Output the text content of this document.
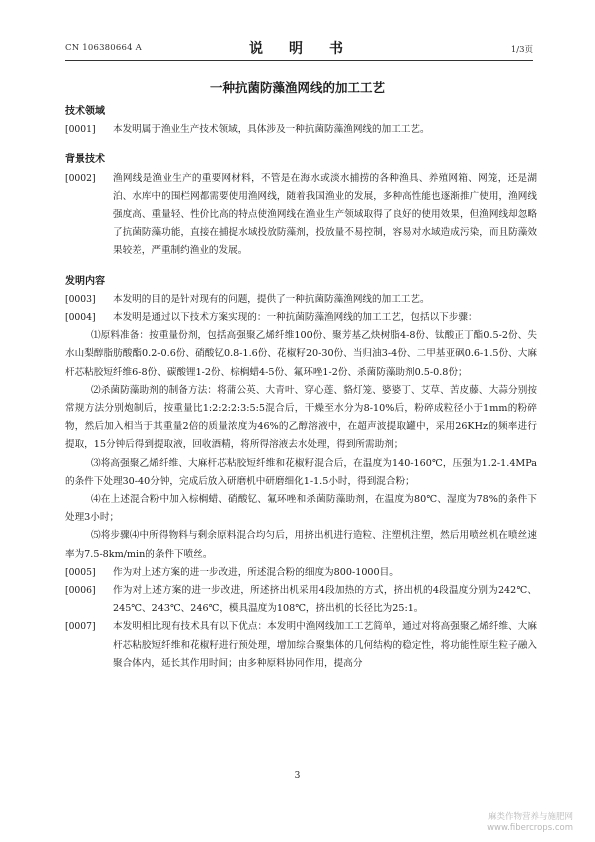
CN 106380664 A	说　明　书	1/3页
一种抗菌防藻渔网线的加工工艺
技术领域
[0001]	本发明属于渔业生产技术领域，具体涉及一种抗菌防藻渔网线的加工工艺。
背景技术
[0002]	渔网线是渔业生产的重要网材料，不管是在海水或淡水捕捞的各种渔具、养殖网箱、网笼，还是湖泊、水库中的围栏网都需要使用渔网线，随着我国渔业的发展，多种高性能也逐渐推广使用，渔网线强度高、重量轻、性价比高的特点使渔网线在渔业生产领域取得了良好的使用效果，但渔网线却忽略了抗菌防藻功能，直接在捕捉水域投放防藻剂，投放量不易控制，容易对水域造成污染，而且防藻效果较差，严重制约渔业的发展。
发明内容
[0003]	本发明的目的是针对现有的问题，提供了一种抗菌防藻渔网线的加工工艺。
[0004]	本发明是通过以下技术方案实现的：一种抗菌防藻渔网线的加工工艺，包括以下步骤：
⑴原料准备：按重量份剂，包括高强聚乙烯纤维100份、聚芳基乙炔树脂4-8份、钛酸正丁酯0.5-2份、失水山梨醇脂肪酸酯0.2-0.6份、硝酸钇0.8-1.6份、花椒籽20-30份、当归油3-4份、二甲基亚砜0.6-1.5份、大麻杆芯粘胶短纤维6-8份、碳酸锂1-2份、棕榈蜡4-5份、氟环唑1-2份、杀菌防藻助剂0.5-0.8份；
⑵杀菌防藻助剂的制备方法：将蒲公英、大青叶、穿心莲、貉灯笼、婆婆丁、艾草、苦皮藤、大蒜分别按常规方法分别炮制后，按重量比1:2:2:2:3:5:5混合后，干燥至水分为8-10%后，粉碎成粒径小于1mm的粉碎物，然后加入相当于其重量2倍的质量浓度为46%的乙醇溶液中，在超声波提取罐中，采用26KHz的频率进行提取，15分钟后得到提取液，回收酒精，将所得溶液去水处理，得到所需助剂；
⑶将高强聚乙烯纤维、大麻杆芯粘胶短纤维和花椒籽混合后，在温度为140-160℃，压强为1.2-1.4MPa的条件下处理30-40分钟，完成后放入研磨机中研磨细化1-1.5小时，得到混合粉；
⑷在上述混合粉中加入棕榈蜡、硝酸钇、氟环唑和杀菌防藻助剂，在温度为80℃、湿度为78%的条件下处理3小时；
⑸将步骤⑷中所得物料与剩余原料混合均匀后，用挤出机进行造粒、注塑机注塑，然后用喷丝机在喷丝速率为7.5-8km/min的条件下喷丝。
[0005]	作为对上述方案的进一步改进，所述混合粉的细度为800-1000目。
[0006]	作为对上述方案的进一步改进，所述挤出机采用4段加热的方式，挤出机的4段温度分别为242℃、245℃、243℃、246℃，模具温度为108℃，挤出机的长径比为25:1。
[0007]	本发明相比现有技术具有以下优点：本发明中渔网线加工工艺简单，通过对将高强聚乙烯纤维、大麻杆芯粘胶短纤维和花椒籽进行预处理，增加综合聚集体的几何结构的稳定性，将功能性原生粒子融入聚合体内，延长其作用时间；由多种原料协同作用，提高分
3
麻类作物营养与施肥网
www.fibercrops.com
